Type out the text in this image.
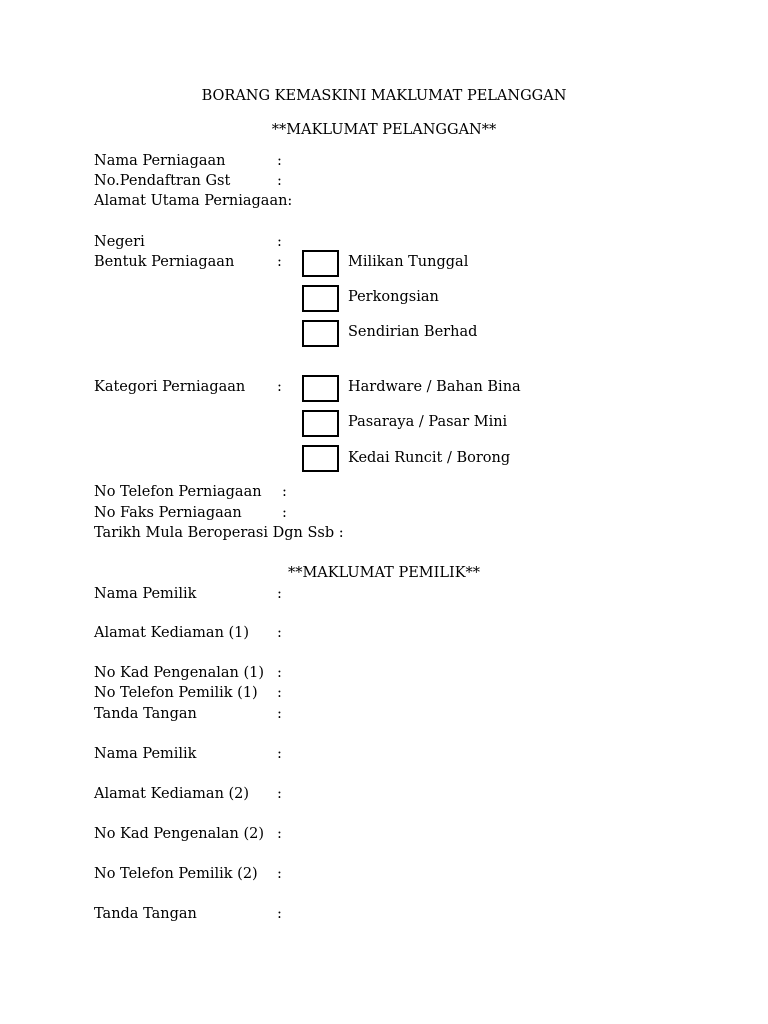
BORANG KEMASKINI MAKLUMAT PELANGGAN
**MAKLUMAT PELANGGAN**
Nama Perniagaan	:
No.Pendaftran Gst	:
Alamat Utama Perniagaan:
Negeri	:
Bentuk Perniagaan	:	Milikan Tunggal
Perkongsian
Sendirian Berhad
Kategori Perniagaan :	Hardware / Bahan Bina
Pasaraya / Pasar Mini
Kedai Runcit / Borong
No Telefon Perniagaan :
No Faks Perniagaan	:
Tarikh Mula Beroperasi Dgn Ssb :
**MAKLUMAT PEMILIK**
Nama Pemilik	:
Alamat Kediaman (1) :
No Kad Pengenalan (1) :
No Telefon Pemilik (1) :
Tanda Tangan	:
Nama Pemilik	:
Alamat Kediaman (2) :
No Kad Pengenalan (2) :
No Telefon Pemilik (2) :
Tanda Tangan	:
